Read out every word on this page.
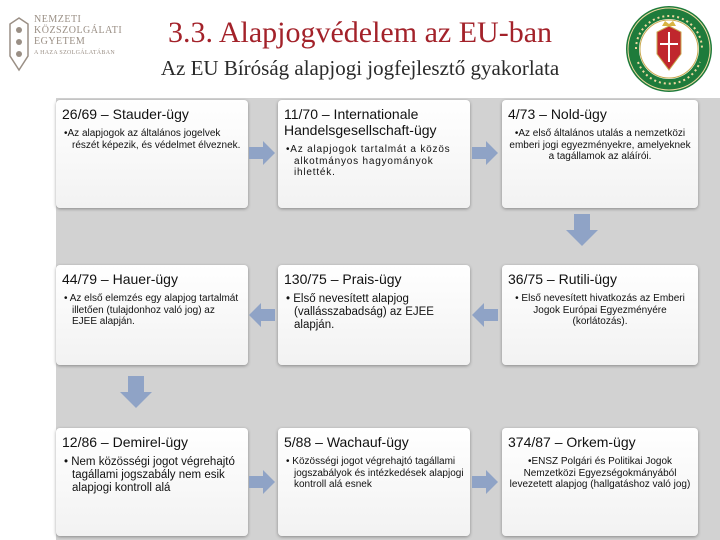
NEMZETI
KÖZSZOLGÁLATI
EGYETEM
A HAZA SZOLGÁLATÁBAN
3.3. Alapjogvédelem az EU-ban
Az EU Bíróság alapjogi jogfejlesztő gyakorlata
26/69 – Stauder-ügy
•Az alapjogok az általános jogelvek részét képezik, és védelmet élveznek.
11/70 – Internationale Handelsgesellschaft-ügy
•Az alapjogok tartalmát a közös alkotmányos hagyományok ihlették.
4/73 – Nold-ügy
•Az első általános utalás a nemzetközi emberi jogi egyezményekre, amelyeknek a tagállamok az aláírói.
44/79 – Hauer-ügy
• Az első elemzés egy alapjog tartalmát illetően (tulajdonhoz való jog) az EJEE alapján.
130/75 – Prais-ügy
• Első nevesített alapjog (vallásszabadság) az EJEE alapján.
36/75 – Rutili-ügy
• Első nevesített hivatkozás az Emberi Jogok Európai Egyezményére (korlátozás).
12/86 – Demirel-ügy
• Nem közösségi jogot végrehajtó tagállami jogszabály nem esik alapjogi kontroll alá
5/88 – Wachauf-ügy
• Közösségi jogot végrehajtó tagállami jogszabályok és intézkedések alapjogi kontroll alá esnek
374/87 – Orkem-ügy
•ENSZ Polgári és Politikai Jogok Nemzetközi Egyezségokmányából levezetett alapjog (hallgatáshoz való jog)
